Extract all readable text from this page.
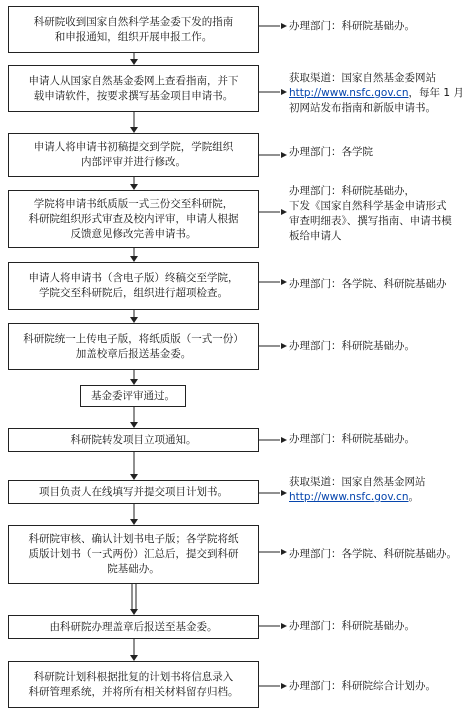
科研院收到国家自然科学基金委下发的指南
和申报通知，组织开展申报工作。
申请人从国家自然基金委网上查看指南，并下
载申请软件，按要求撰写基金项目申请书。
申请人将申请书初稿提交到学院，学院组织
内部评审并进行修改。
学院将申请书纸质版一式三份交至科研院，
科研院组织形式审查及校内评审，申请人根据
反馈意见修改完善申请书。
申请人将申请书（含电子版）终稿交至学院，
学院交至科研院后，组织进行超项检查。
科研院统一上传电子版，将纸质版（一式一份）
加盖校章后报送基金委。
基金委评审通过。
科研院转发项目立项通知。
项目负责人在线填写并提交项目计划书。
科研院审核、确认计划书电子版；各学院将纸
质版计划书（一式两份）汇总后，提交到科研
院基础办。
由科研院办理盖章后报送至基金委。
科研院计划科根据批复的计划书将信息录入
科研管理系统，并将所有相关材料留存归档。
办理部门：科研院基础办。
获取渠道：国家自然基金委网站
http://www.nsfc.gov.cn，每年 1 月
初网站发布指南和新版申请书。
办理部门：各学院
办理部门：科研院基础办，
下发《国家自然科学基金申请形式
审查明细表》、撰写指南、申请书模
板给申请人
办理部门：各学院、科研院基础办
办理部门：科研院基础办。
办理部门：科研院基础办。
获取渠道：国家自然基金网站
http://www.nsfc.gov.cn。
办理部门：各学院、科研院基础办。
办理部门：科研院基础办。
办理部门：科研院综合计划办。
